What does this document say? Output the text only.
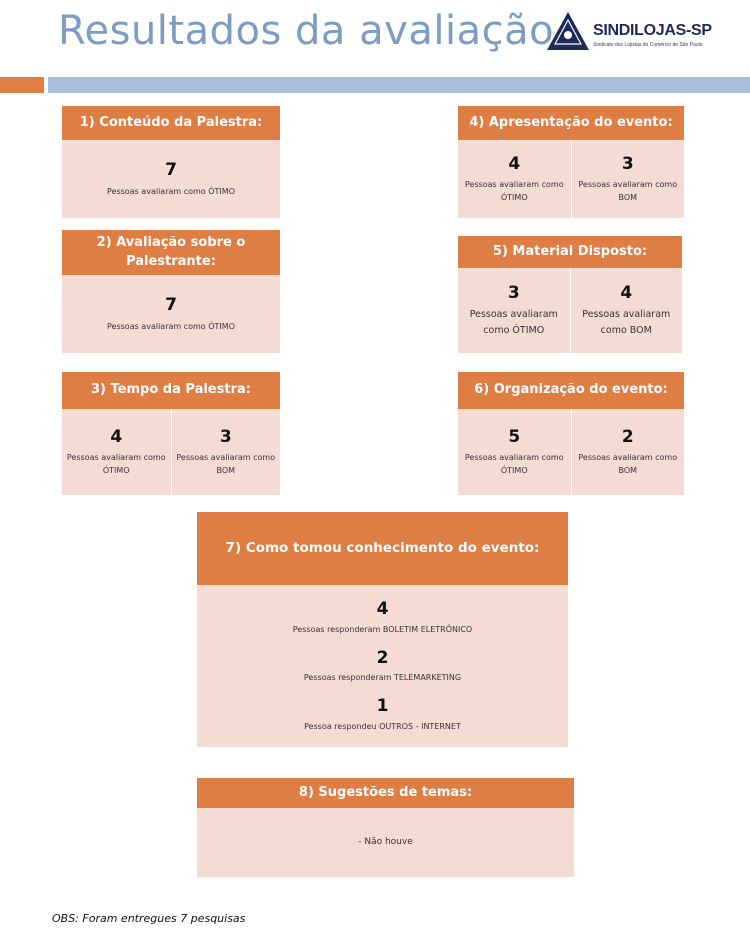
Resultados da avaliação SINDILOJAS-SP
Sindicato dos Lojistas do Comércio de São Paulo
1) Conteúdo da Palestra:
7
Pessoas avaliaram como ÓTIMO
2) Avaliação sobre o Palestrante:
7
Pessoas avaliaram como ÓTIMO
3) Tempo da Palestra:
4
Pessoas avaliaram como ÓTIMO
3
Pessoas avaliaram como BOM
4) Apresentação do evento:
4
Pessoas avaliaram como ÓTIMO
3
Pessoas avaliaram como BOM
5) Material Disposto:
3
Pessoas avaliaram como ÓTIMO
4
Pessoas avaliaram como BOM
6) Organização do evento:
5
Pessoas avaliaram como ÓTIMO
2
Pessoas avaliaram como BOM
7) Como tomou conhecimento do evento:
4
Pessoas responderam BOLETIM ELETRÔNICO
2
Pessoas responderam TELEMARKETING
1
Pessoa respondeu OUTROS - INTERNET
8) Sugestões de temas:
- Não houve
OBS: Foram entregues 7 pesquisas
